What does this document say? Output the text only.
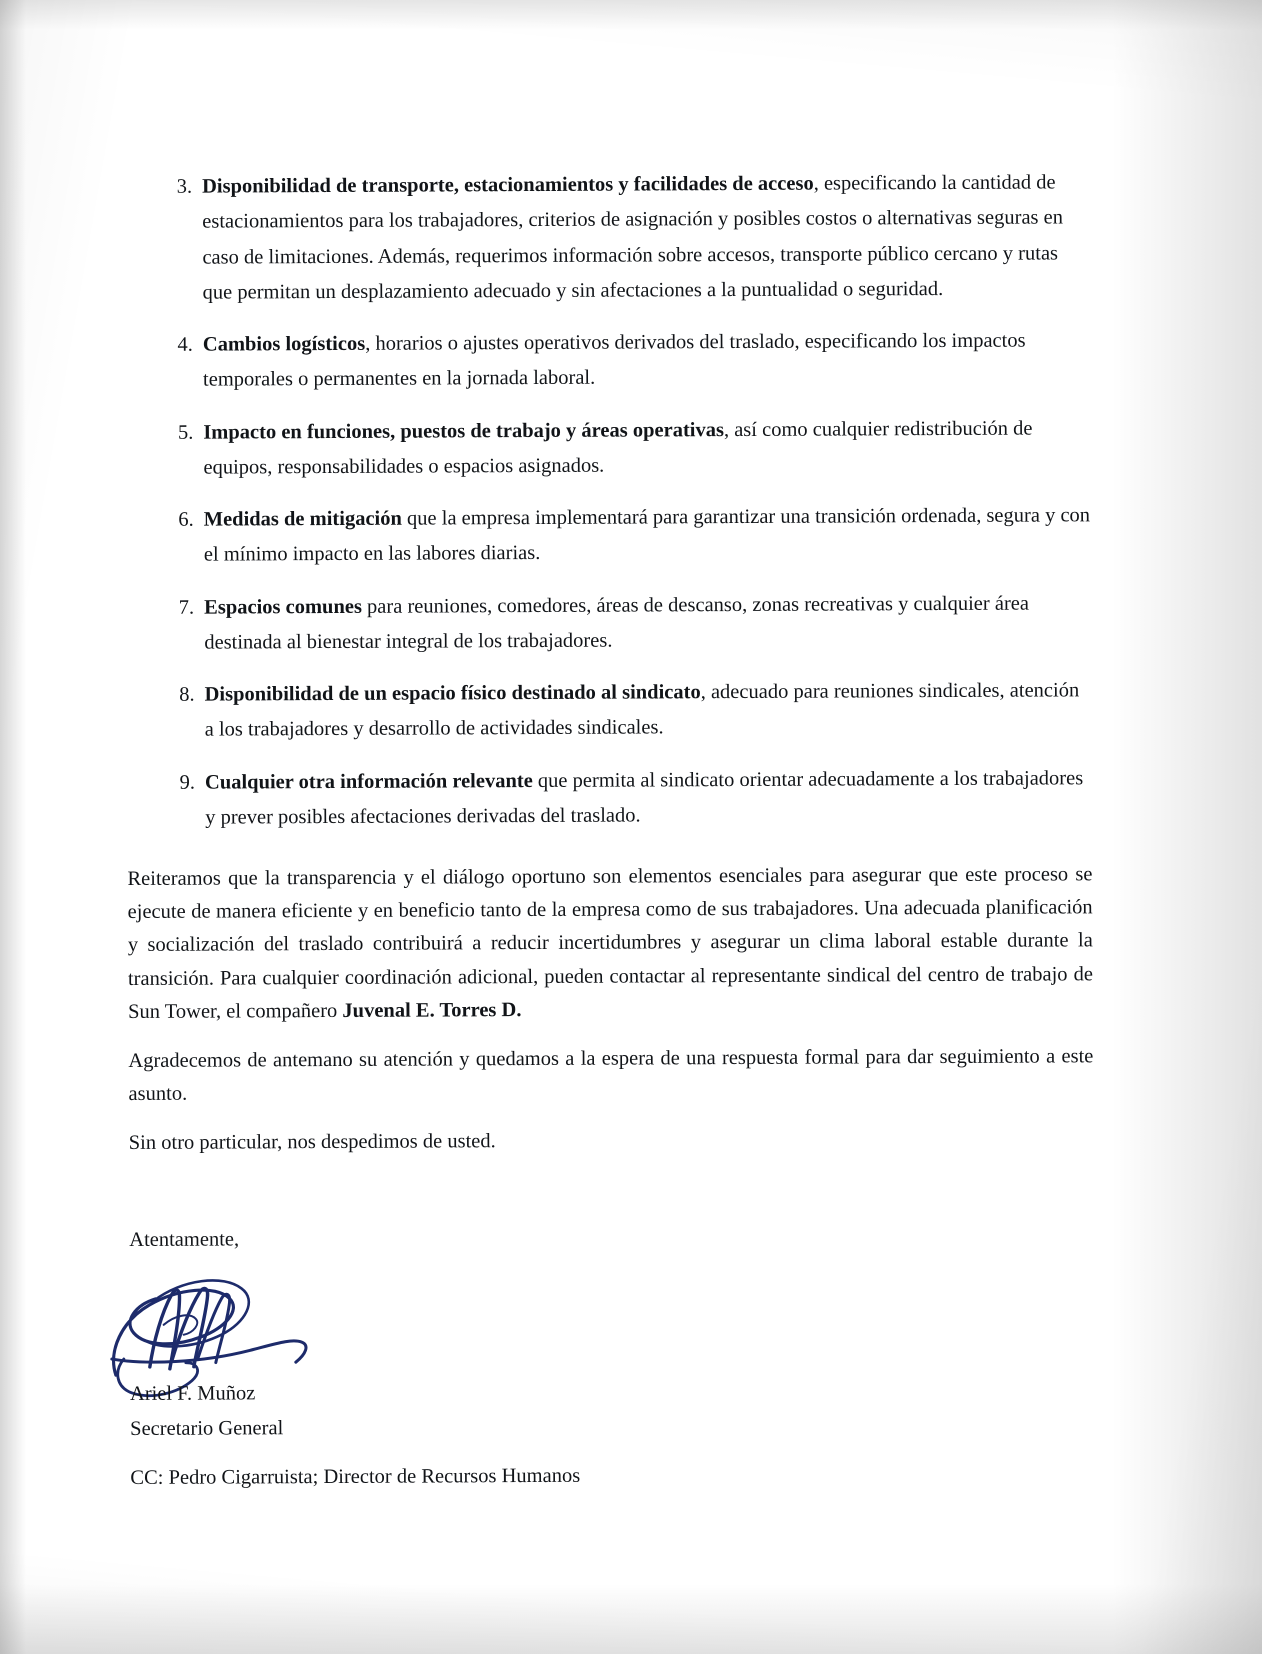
3. Disponibilidad de transporte, estacionamientos y facilidades de acceso, especificando la cantidad de estacionamientos para los trabajadores, criterios de asignación y posibles costos o alternativas seguras en caso de limitaciones. Además, requerimos información sobre accesos, transporte público cercano y rutas que permitan un desplazamiento adecuado y sin afectaciones a la puntualidad o seguridad.
4. Cambios logísticos, horarios o ajustes operativos derivados del traslado, especificando los impactos temporales o permanentes en la jornada laboral.
5. Impacto en funciones, puestos de trabajo y áreas operativas, así como cualquier redistribución de equipos, responsabilidades o espacios asignados.
6. Medidas de mitigación que la empresa implementará para garantizar una transición ordenada, segura y con el mínimo impacto en las labores diarias.
7. Espacios comunes para reuniones, comedores, áreas de descanso, zonas recreativas y cualquier área destinada al bienestar integral de los trabajadores.
8. Disponibilidad de un espacio físico destinado al sindicato, adecuado para reuniones sindicales, atención a los trabajadores y desarrollo de actividades sindicales.
9. Cualquier otra información relevante que permita al sindicato orientar adecuadamente a los trabajadores y prever posibles afectaciones derivadas del traslado.

Reiteramos que la transparencia y el diálogo oportuno son elementos esenciales para asegurar que este proceso se ejecute de manera eficiente y en beneficio tanto de la empresa como de sus trabajadores. Una adecuada planificación y socialización del traslado contribuirá a reducir incertidumbres y asegurar un clima laboral estable durante la transición. Para cualquier coordinación adicional, pueden contactar al representante sindical del centro de trabajo de Sun Tower, el compañero Juvenal E. Torres D.

Agradecemos de antemano su atención y quedamos a la espera de una respuesta formal para dar seguimiento a este asunto.

Sin otro particular, nos despedimos de usted.

Atentamente,

Ariel F. Muñoz

Secretario General

CC: Pedro Cigarruista; Director de Recursos Humanos
